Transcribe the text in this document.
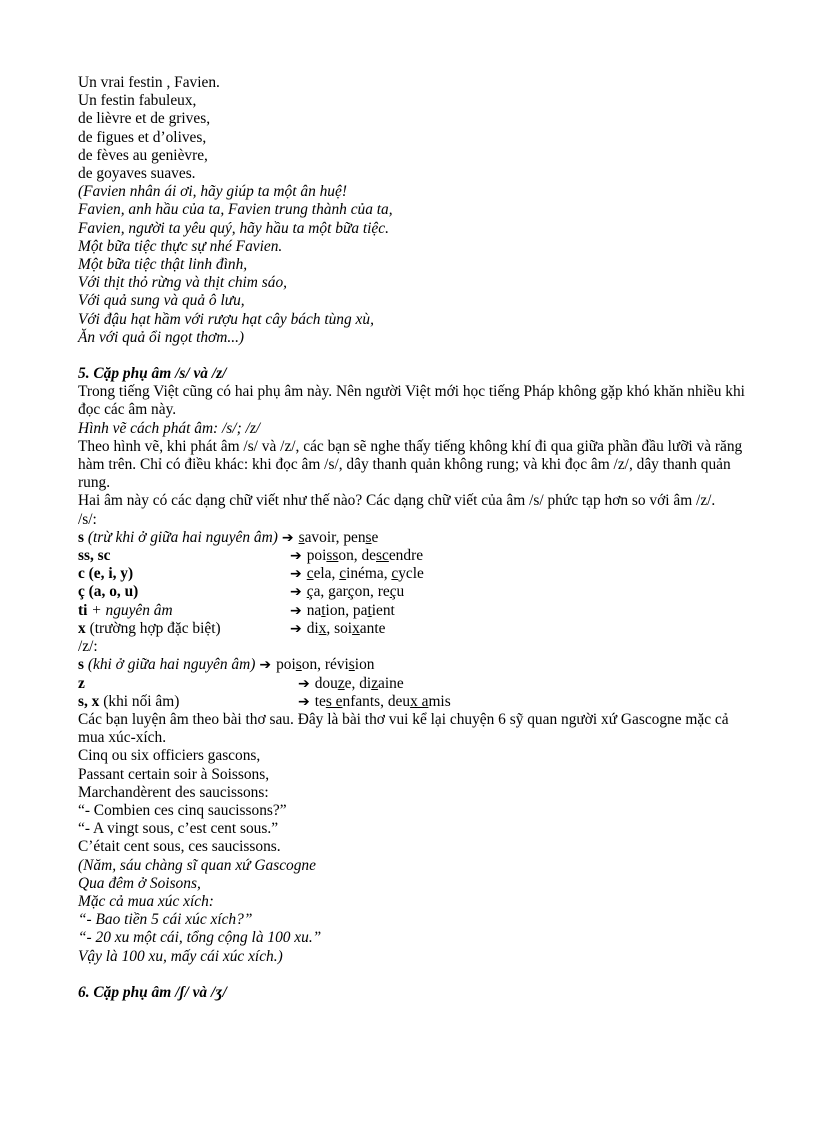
Un vrai festin , Favien.
Un festin fabuleux,
de lièvre et de grives,
de figues et d’olives,
de fèves au genièvre,
de goyaves suaves.
(Favien nhân ái ơi, hãy giúp ta một ân huệ!
Favien, anh hầu của ta, Favien trung thành của ta,
Favien, người ta yêu quý, hãy hầu ta một bữa tiệc.
Một bữa tiệc thực sự nhé Favien.
Một bữa tiệc thật linh đình,
Với thịt thỏ rừng và thịt chim sáo,
Với quả sung và quả ô lưu,
Với đậu hạt hầm với rượu hạt cây bách tùng xù,
Ăn với quả ổi ngọt thơm...)
5. Cặp phụ âm /s/ và /z/
Trong tiếng Việt cũng có hai phụ âm này. Nên người Việt mới học tiếng Pháp không gặp khó khăn nhiều khi đọc các âm này.
Hình vẽ cách phát âm: /s/; /z/
Theo hình vẽ, khi phát âm /s/ và /z/, các bạn sẽ nghe thấy tiếng không khí đi qua giữa phần đầu lưỡi và răng hàm trên. Chỉ có điều khác: khi đọc âm /s/, dây thanh quản không rung; và khi đọc âm /z/, dây thanh quản rung.
Hai âm này có các dạng chữ viết như thế nào? Các dạng chữ viết của âm /s/ phức tạp hơn so với âm /z/.
/s/:
s (trừ khi ở giữa hai nguyên âm) ➔ savoir, pense
ss, sc	➔ poisson, descendre
c (e, i, y)	➔ cela, cinéma, cycle
ç (a, o, u)	➔ ça, garçon, reçu
ti + nguyên âm	➔ nation, patient
x (trường hợp đặc biệt)	➔ dix, soixante
/z/:
s (khi ở giữa hai nguyên âm) ➔ poison, révision
z	➔ douze, dizaine
s, x (khi nối âm)	➔ tes enfants, deux amis
Các bạn luyện âm theo bài thơ sau. Đây là bài thơ vui kể lại chuyện 6 sỹ quan người xứ Gascogne mặc cả mua xúc-xích.
Cinq ou six officiers gascons,
Passant certain soir à Soissons,
Marchandèrent des saucissons:
“- Combien ces cinq saucissons?”
“- A vingt sous, c’est cent sous.”
C’était cent sous, ces saucissons.
(Năm, sáu chàng sĩ quan xứ Gascogne
Qua đêm ở Soisons,
Mặc cả mua xúc xích:
“- Bao tiền 5 cái xúc xích?”
“- 20 xu một cái, tổng cộng là 100 xu.”
Vậy là 100 xu, mấy cái xúc xích.)
6. Cặp phụ âm /ʃ/ và /ʒ/
